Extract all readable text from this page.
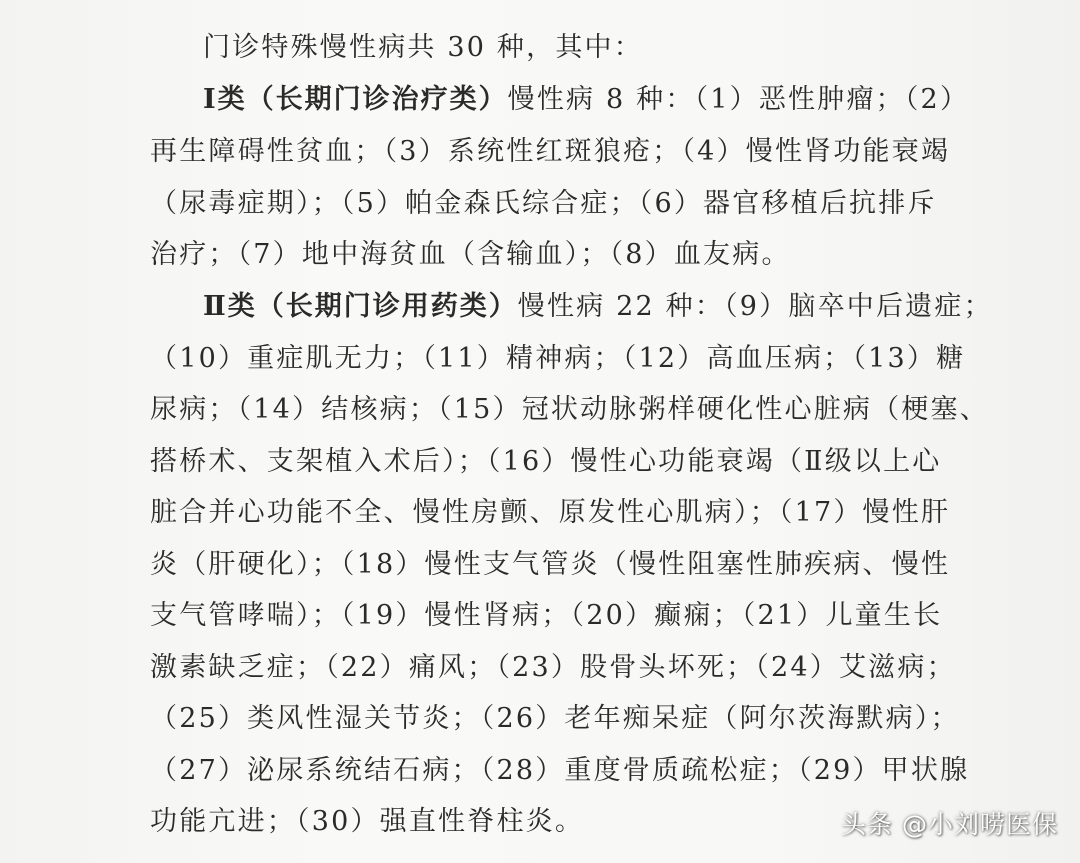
门诊特殊慢性病共 30 种，其中：
Ⅰ类（长期门诊治疗类）慢性病 8 种：（1）恶性肿瘤；（2）
再生障碍性贫血；（3）系统性红斑狼疮；（4）慢性肾功能衰竭
（尿毒症期）；（5）帕金森氏综合症；（6）器官移植后抗排斥
治疗；（7）地中海贫血（含输血）；（8）血友病。
Ⅱ类（长期门诊用药类）慢性病 22 种：（9）脑卒中后遗症；
（10）重症肌无力；（11）精神病；（12）高血压病；（13）糖
尿病；（14）结核病；（15）冠状动脉粥样硬化性心脏病（梗塞、
搭桥术、支架植入术后）；（16）慢性心功能衰竭（Ⅱ级以上心
脏合并心功能不全、慢性房颤、原发性心肌病）；（17）慢性肝
炎（肝硬化）；（18）慢性支气管炎（慢性阻塞性肺疾病、慢性
支气管哮喘）；（19）慢性肾病；（20）癫痫；（21）儿童生长
激素缺乏症；（22）痛风；（23）股骨头坏死；（24）艾滋病；
（25）类风性湿关节炎；（26）老年痴呆症（阿尔茨海默病）；
（27）泌尿系统结石病；（28）重度骨质疏松症；（29）甲状腺
功能亢进；（30）强直性脊柱炎。	头条 @小刘唠医保
